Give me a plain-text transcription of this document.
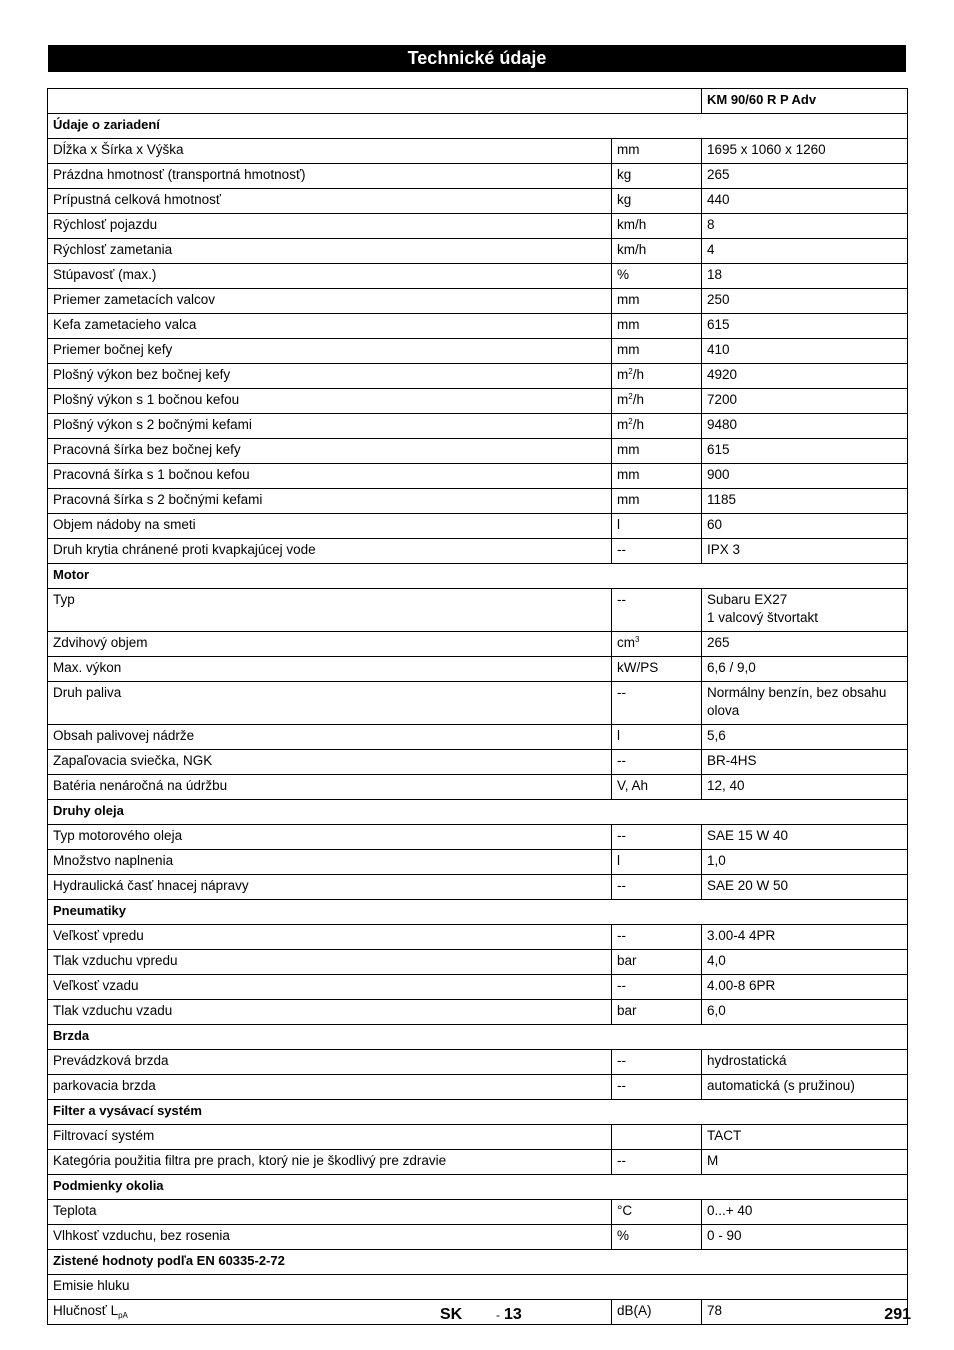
Technické údaje
		KM 90/60 R P Adv
Údaje o zariadení		
Dĺžka x Šírka x Výška	mm	1695 x 1060 x 1260
Prázdna hmotnosť (transportná hmotnosť)	kg	265
Prípustná celková hmotnosť	kg	440
Rýchlosť pojazdu	km/h	8
Rýchlosť zametania	km/h	4
Stúpavosť (max.)	%	18
Priemer zametacích valcov	mm	250
Kefa zametacieho valca	mm	615
Priemer bočnej kefy	mm	410
Plošný výkon bez bočnej kefy	$m^2/h$	4920
Plošný výkon s 1 bočnou kefou	$m^2/h$	7200
Plošný výkon s 2 bočnými kefami	$m^2/h$	9480
Pracovná šírka bez bočnej kefy	mm	615
Pracovná šírka s 1 bočnou kefou	mm	900
Pracovná šírka s 2 bočnými kefami	mm	1185
Objem nádoby na smeti	l	60
Druh krytia chránené proti kvapkajúcej vode	--	IPX 3
Motor		
Typ	--	Subaru EX27
1 valcový štvortakt

Zdvihový objem	$cm^3$	265
Max. výkon	kW/PS	6,6 / 9,0
Druh paliva	--	Normálny benzín, bez obsahu
olova

Obsah palivovej nádrže	l	5,6
Zapaľovacia sviečka, NGK	--	BR-4HS
Batéria nenáročná na údržbu	V, Ah	12, 40
Druhy oleja		
Typ motorového oleja	--	SAE 15 W 40
Množstvo naplnenia	l	1,0
Hydraulická časť hnacej nápravy	--	SAE 20 W 50
Pneumatiky		
Veľkosť vpredu	--	3.00-4 4PR
Tlak vzduchu vpredu	bar	4,0
Veľkosť vzadu	--	4.00-8 6PR
Tlak vzduchu vzadu	bar	6,0
Brzda		
Prevádzková brzda	--	hydrostatická
parkovacia brzda	--	automatická (s pružinou)
Filter a vysávací systém		
Filtrovací systém		TACT
Kategória použitia filtra pre prach, ktorý nie je škodlivý pre zdravie	--	M
Podmienky okolia		
Teplota	°C	0...+ 40
Vlhkosť vzduchu, bez rosenia	%	0 - 90
Zistené hodnoty podľa EN 60335-2-72		
Emisie hluku		
Hlučnosť $L_{pA}$	dB(A)	78
SK	- 13	291
